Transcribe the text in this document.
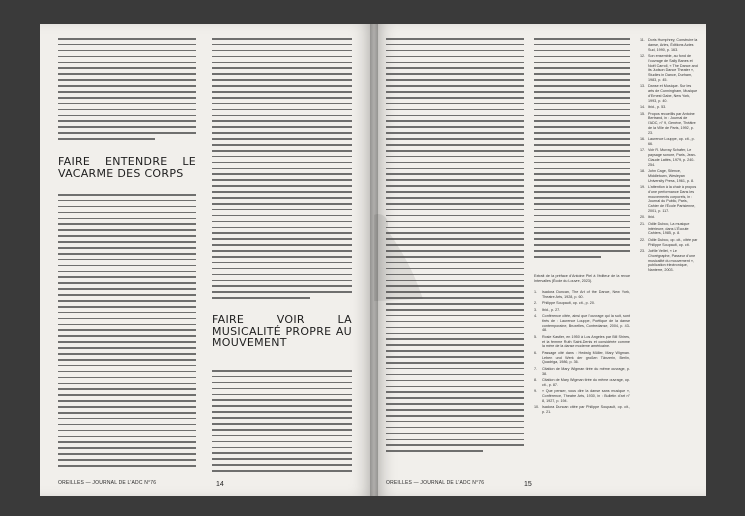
FAIRE ENTENDRE LE VACARME DES CORPS
FAIRE VOIR LA MUSICALITÉ PROPRE AU MOUVEMENT
OREILLES — JOURNAL DE L’ADC N°76	14
Extrait de la préface d’Antoine Piel à l’éditeur de la revue Intervalles (École du Louvre, 2023).
1.	Isadora Duncan, The Art of the Dance, New York, Theatre Arts, 1928, p. 60.
2.	Philippe Soupault, op. cit., p. 20.
3.	Ibid., p. 27.
4.	Conférence citée, ainsi que l’ouvrage qui la suit, sont tirés de : Laurence Louppe, Poétique de la danse contemporaine, Bruxelles, Contredanse, 2004, p. 43-48.
5.	Rosie Kastler, en 1950 à Los Angeles par Bill Shires, et la femme Ruth Saint-Denis et considérée comme la mère de la danse moderne américaine.
6.	Passage cité dans : Hedwig Müller, Mary Wigman. Leben und Werk der großen Tänzerin, Berlin, Quadriga, 1986, p. 36.
7.	Citation de Mary Wigman tirée du même ouvrage, p. 38.
8.	Citation de Mary Wigman tirée du même ouvrage, op. cit., p. 87.
9.	« Que penser, vous dire la danse sans musique », Conférence, Theatre Arts, 1930, in : Bulletin d’art n° 8, 1927, p. 194.
10. Isadora Duncan citée par Philippe Soupault, op. cit., p. 21.
11. Doris Humphrey, Construire la danse, Arles, Éditions Actes Sud, 1990, p. 163.
12. Son ensemble, au fond de l’ouvrage de Sally Banes et Noël Carroll, « The Dance and its Judson Dance Theater », Studies in Dance, Durham, 1983, p. 45.
13. Danse et Musique. Sur les arts de Cunningham, Musique d’Ernest Gabe, New York, 1993, p. 40.
14. Ibid., p. 53.
15. Propos recueillis par Antoine Bertrand, in : Journal de l’ADC, n° 9, Genève, Théâtre de la Ville de Paris, 1992, p. 23.
16. Laurence Louppe, op. cit., p. 66.
17. Voir R. Murray Schafer, Le paysage sonore, Paris, Jean-Claude Lattès, 1979, p. 240-254.
18. John Cage, Silence, Middletown, Wesleyan University Press, 1961, p. 8.
19. L’attention à la chair à propos d’une performance Dans les mouvements corporels, in : Journal du Public, Paris, Cahier de l’École Parisienne, 2001, p. 117.
20. Ibid.
21. Odile Duboc, La musique intérieure, dans L’Écoute Cahiers, 1985, p. 8.
22. Odile Duboc, op. cit., citée par Philippe Soupault, op. cit.
23. Joëlle Vellet, « Le Chorégraphe, Passeur d’une musicalité du mouvement », publication électronique, Nanterre, 2003.
OREILLES — JOURNAL DE L’ADC N°76	15
